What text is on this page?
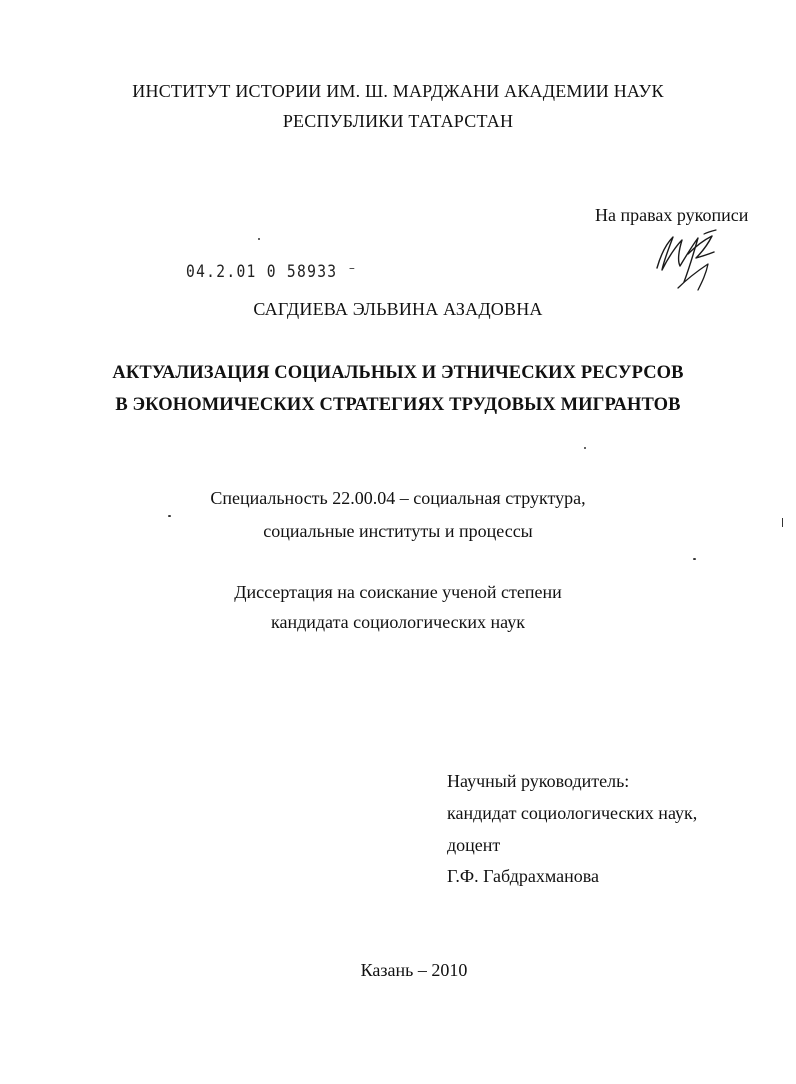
ИНСТИТУТ ИСТОРИИ ИМ. Ш. МАРДЖАНИ АКАДЕМИИ НАУК
РЕСПУБЛИКИ ТАТАРСТАН
На правах рукописи
04.2.01 0 58933 ⁻
САГДИЕВА ЭЛЬВИНА АЗАДОВНА
АКТУАЛИЗАЦИЯ СОЦИАЛЬНЫХ И ЭТНИЧЕСКИХ РЕСУРСОВ
В ЭКОНОМИЧЕСКИХ СТРАТЕГИЯХ ТРУДОВЫХ МИГРАНТОВ
Специальность 22.00.04 – социальная структура,
социальные институты и процессы
Диссертация на соискание ученой степени
кандидата социологических наук
Научный руководитель:
кандидат социологических наук,
доцент
Г.Ф. Габдрахманова
Казань – 2010
